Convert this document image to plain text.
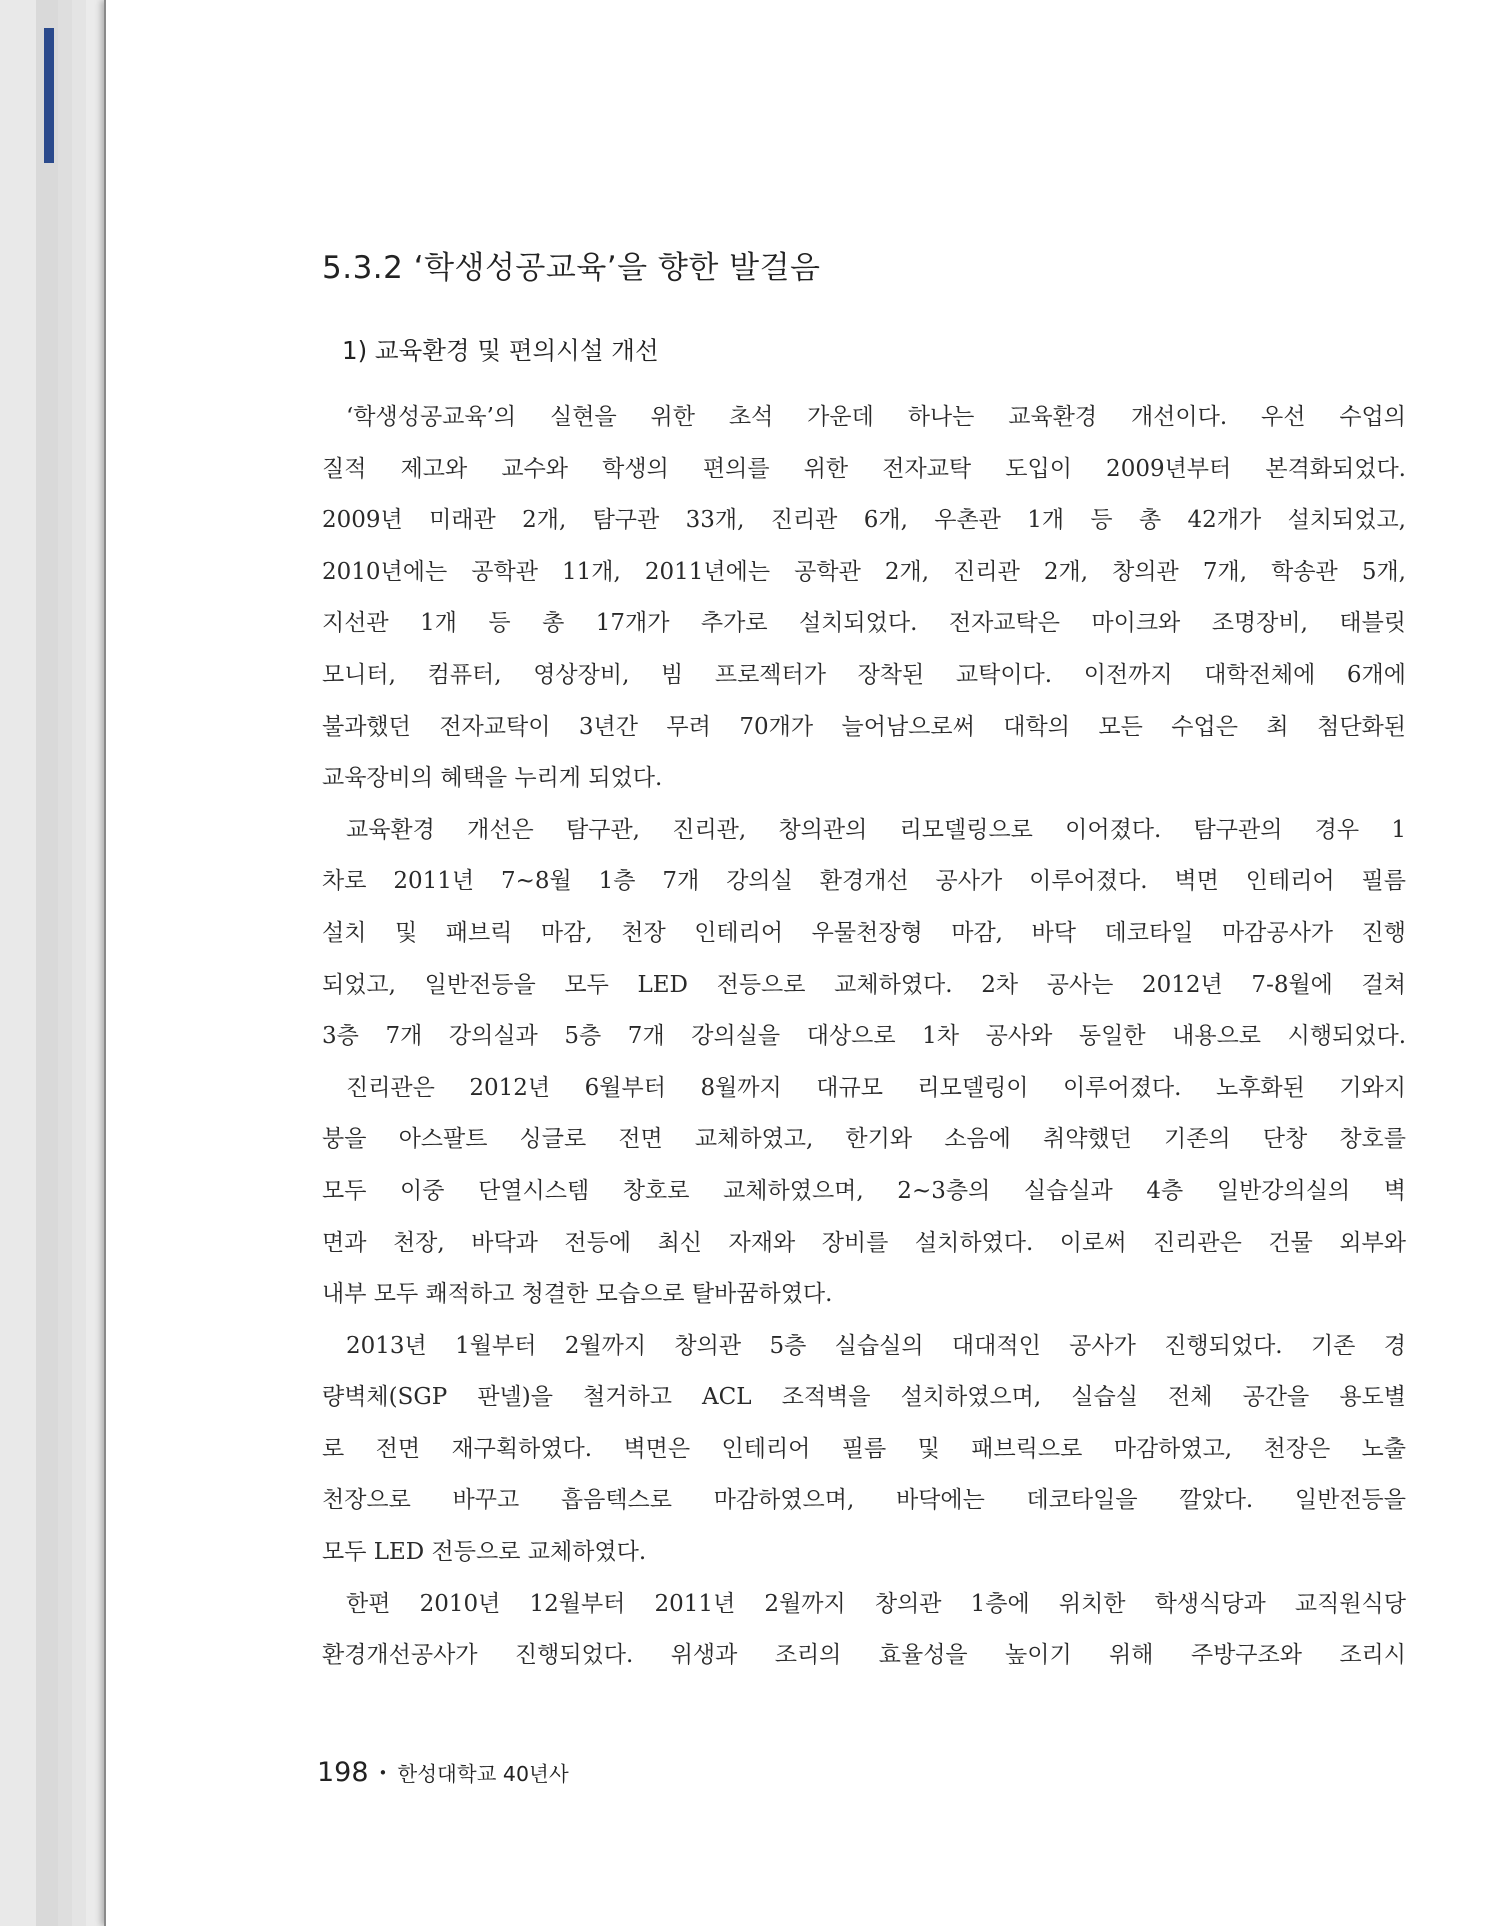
5.3.2 ‘학생성공교육’을 향한 발걸음
1) 교육환경 및 편의시설 개선

‘학생성공교육’의 실현을 위한 초석 가운데 하나는 교육환경 개선이다. 우선 수업의
질적 제고와 교수와 학생의 편의를 위한 전자교탁 도입이 2009년부터 본격화되었다.
2009년 미래관 2개, 탐구관 33개, 진리관 6개, 우촌관 1개 등 총 42개가 설치되었고,
2010년에는 공학관 11개, 2011년에는 공학관 2개, 진리관 2개, 창의관 7개, 학송관 5개,
지선관 1개 등 총 17개가 추가로 설치되었다. 전자교탁은 마이크와 조명장비, 태블릿
모니터, 컴퓨터, 영상장비, 빔 프로젝터가 장착된 교탁이다. 이전까지 대학전체에 6개에
불과했던 전자교탁이 3년간 무려 70개가 늘어남으로써 대학의 모든 수업은 최 첨단화된
교육장비의 혜택을 누리게 되었다.

교육환경 개선은 탐구관, 진리관, 창의관의 리모델링으로 이어졌다. 탐구관의 경우 1
차로 2011년 7~8월 1층 7개 강의실 환경개선 공사가 이루어졌다. 벽면 인테리어 필름
설치 및 패브릭 마감, 천장 인테리어 우물천장형 마감, 바닥 데코타일 마감공사가 진행
되었고, 일반전등을 모두 LED 전등으로 교체하였다. 2차 공사는 2012년 7-8월에 걸쳐
3층 7개 강의실과 5층 7개 강의실을 대상으로 1차 공사와 동일한 내용으로 시행되었다.

진리관은 2012년 6월부터 8월까지 대규모 리모델링이 이루어졌다. 노후화된 기와지
붕을 아스팔트 싱글로 전면 교체하였고, 한기와 소음에 취약했던 기존의 단창 창호를
모두 이중 단열시스템 창호로 교체하였으며, 2~3층의 실습실과 4층 일반강의실의 벽
면과 천장, 바닥과 전등에 최신 자재와 장비를 설치하였다. 이로써 진리관은 건물 외부와
내부 모두 쾌적하고 청결한 모습으로 탈바꿈하였다.

2013년 1월부터 2월까지 창의관 5층 실습실의 대대적인 공사가 진행되었다. 기존 경
량벽체(SGP 판넬)을 철거하고 ACL 조적벽을 설치하였으며, 실습실 전체 공간을 용도별
로 전면 재구획하였다. 벽면은 인테리어 필름 및 패브릭으로 마감하였고, 천장은 노출
천장으로 바꾸고 흡음텍스로 마감하였으며, 바닥에는 데코타일을 깔았다. 일반전등을
모두 LED 전등으로 교체하였다.

한편 2010년 12월부터 2011년 2월까지 창의관 1층에 위치한 학생식당과 교직원식당
환경개선공사가 진행되었다. 위생과 조리의 효율성을 높이기 위해 주방구조와 조리시

198 • 한성대학교 40년사
